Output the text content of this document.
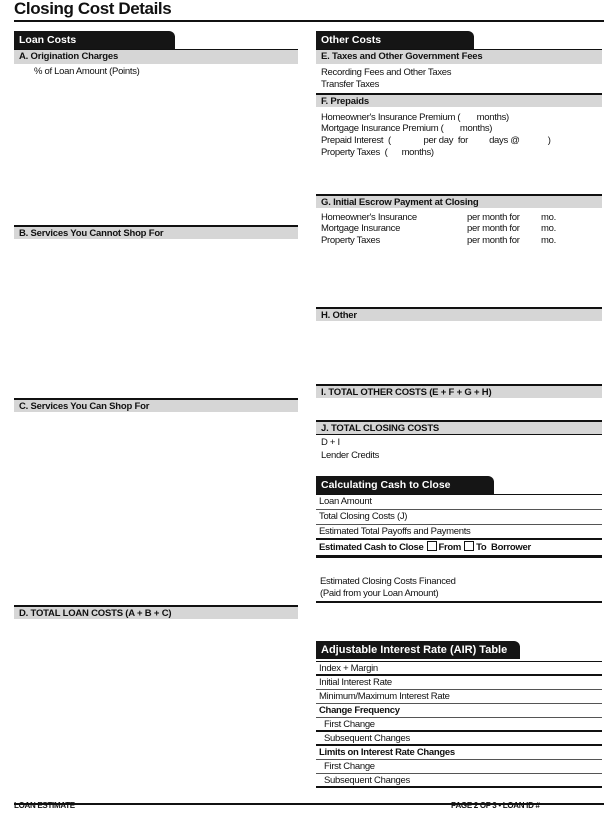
Closing Cost Details
Loan Costs
A. Origination Charges
% of Loan Amount (Points)
B. Services You Cannot Shop For
C. Services You Can Shop For
D. TOTAL LOAN COSTS (A + B + C)
Other Costs
E. Taxes and Other Government Fees
Recording Fees and Other Taxes
Transfer Taxes
F. Prepaids
Homeowner's Insurance Premium (       months)
Mortgage Insurance Premium (       months)
Prepaid Interest  (              per day  for         days @            )
Property Taxes  (      months)
G. Initial Escrow Payment at Closing
Homeowner's Insurance	per month for mo.
Mortgage Insurance	per month for mo.
Property Taxes	per month for mo.
H. Other
I. TOTAL OTHER COSTS (E + F + G + H)
J. TOTAL CLOSING COSTS
D + I
Lender Credits
Calculating Cash to Close
Loan Amount
Total Closing Costs (J)
Estimated Total Payoffs and Payments
Estimated Cash to Close From To  Borrower
Estimated Closing Costs Financed
(Paid from your Loan Amount)
Adjustable Interest Rate (AIR) Table
Index + Margin
Initial Interest Rate
Minimum/Maximum Interest Rate
Change Frequency
First Change
Subsequent Changes
Limits on Interest Rate Changes
First Change
Subsequent Changes
LOAN ESTIMATE	PAGE 2 OF 3 • LOAN ID #
